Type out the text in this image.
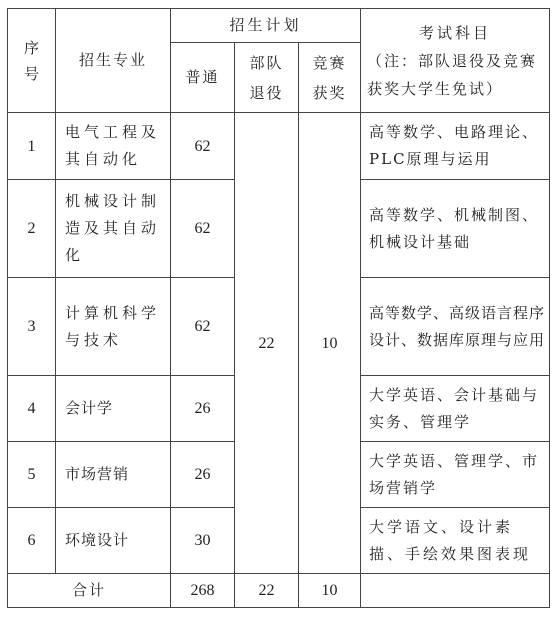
序号	招生专业	招生计划			考试科目
（注：部队退役及竞赛获奖大学生免试）

		普通	部队退役	竞赛获奖	
1	电气工程及其自动化	62	22	10	高等数学、电路理论、PLC原理与运用
2	机械设计制造及其自动化	62			高等数学、机械制图、机械设计基础
3	计算机科学与技术	62			高等数学、高级语言程序设计、数据库原理与应用
4	会计学	26			大学英语、会计基础与实务、管理学
5	市场营销	26			大学英语、管理学、市场营销学
6	环境设计	30			大学语文、设计素描、手绘效果图表现
合计		268	22	10	
